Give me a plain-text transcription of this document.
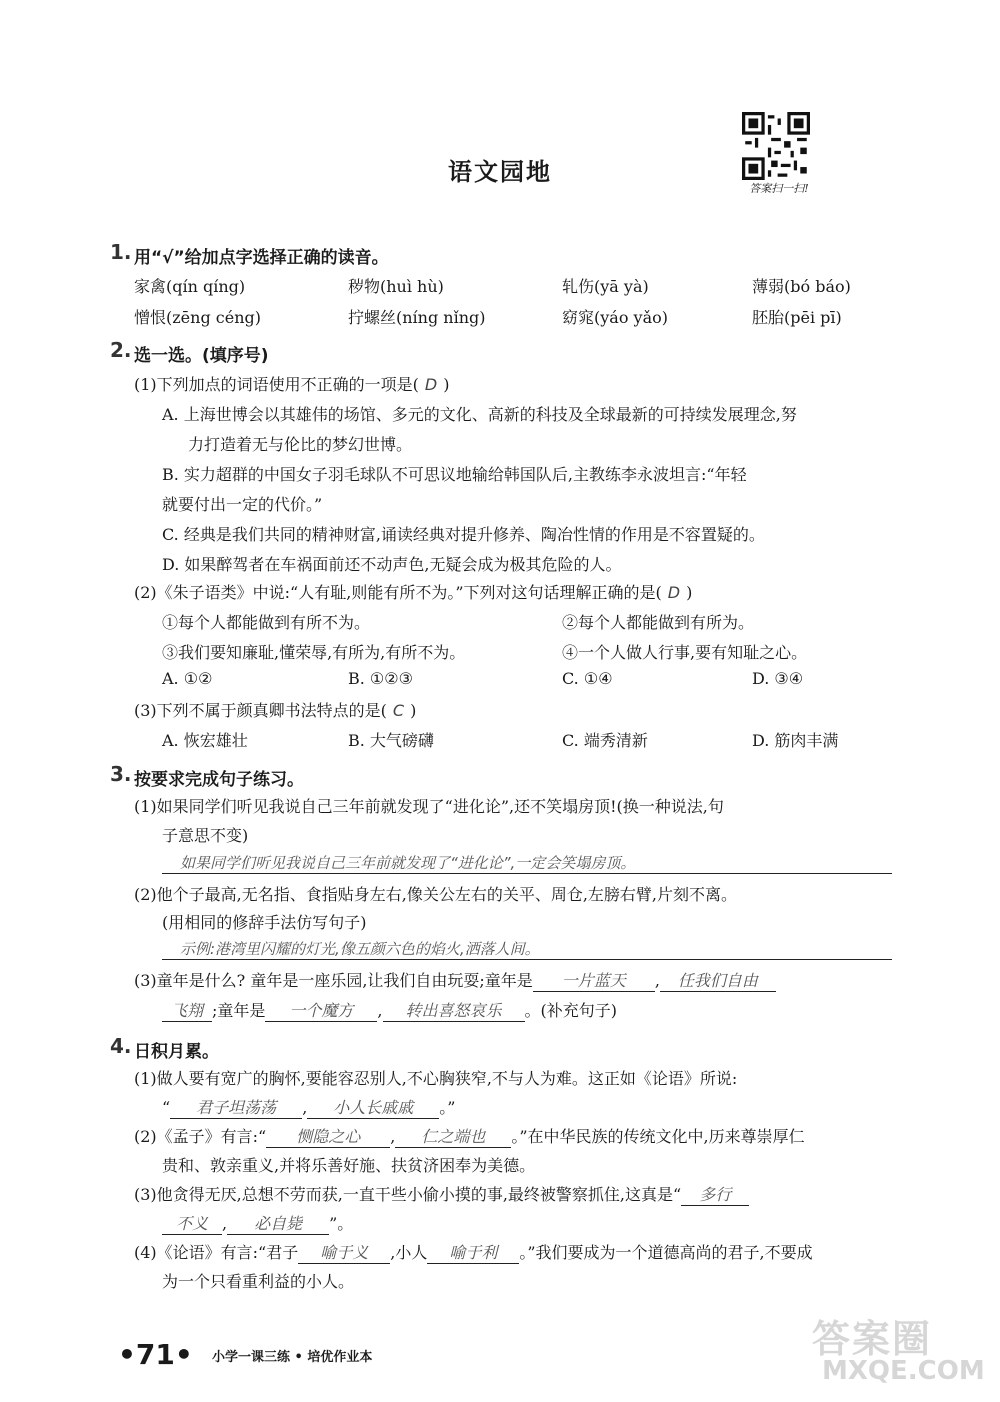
语文园地
答案扫一扫!
1. 用“√”给加点字选择正确的读音。
家禽(qín qíng)	秽物(huì hù)	轧伤(yā yà)	薄弱(bó báo)
憎恨(zēng céng)	拧螺丝(níng nǐng)	窈窕(yáo yǎo)	胚胎(pēi pī)
2. 选一选。(填序号)
(1)下列加点的词语使用不正确的一项是( D )
A. 上海世博会以其雄伟的场馆、多元的文化、高新的科技及全球最新的可持续发展理念,努
力打造着无与伦比的梦幻世博。
B. 实力超群的中国女子羽毛球队不可思议地输给韩国队后,主教练李永波坦言:“年轻
就要付出一定的代价。”
C. 经典是我们共同的精神财富,诵读经典对提升修养、陶冶性情的作用是不容置疑的。
D. 如果醉驾者在车祸面前还不动声色,无疑会成为极其危险的人。
(2)《朱子语类》中说:“人有耻,则能有所不为。”下列对这句话理解正确的是( D )
①每个人都能做到有所不为。	②每个人都能做到有所为。
③我们要知廉耻,懂荣辱,有所为,有所不为。	④一个人做人行事,要有知耻之心。
A. ①②	B. ①②③	C. ①④	D. ③④
(3)下列不属于颜真卿书法特点的是( C )
A. 恢宏雄壮	B. 大气磅礴	C. 端秀清新	D. 筋肉丰满
3. 按要求完成句子练习。
(1)如果同学们听见我说自己三年前就发现了“进化论”,还不笑塌房顶!(换一种说法,句
子意思不变)
如果同学们听见我说自己三年前就发现了“进化论”,一定会笑塌房顶。
(2)他个子最高,无名指、食指贴身左右,像关公左右的关平、周仓,左膀右臂,片刻不离。
(用相同的修辞手法仿写句子)
示例:港湾里闪耀的灯光,像五颜六色的焰火,洒落人间。
(3)童年是什么? 童年是一座乐园,让我们自由玩耍;童年是 一片蓝天 , 任我们自由
飞翔 ;童年是 一个魔方 , 转出喜怒哀乐 。(补充句子)
4. 日积月累。
(1)做人要有宽广的胸怀,要能容忍别人,不心胸狭窄,不与人为难。这正如《论语》所说:
“ 君子坦荡荡 , 小人长戚戚 。”
(2)《孟子》有言:“ 恻隐之心 , 仁之端也 。”在中华民族的传统文化中,历来尊崇厚仁
贵和、敦亲重义,并将乐善好施、扶贫济困奉为美德。
(3)他贪得无厌,总想不劳而获,一直干些小偷小摸的事,最终被警察抓住,这真是“ 多行
不义 , 必自毙 ”。
(4)《论语》有言:“君子 喻于义 ,小人 喻于利 。”我们要成为一个道德高尚的君子,不要成
为一个只看重利益的小人。
•71• 小学一课三练 • 培优作业本	答案圈
MXQE.COM
